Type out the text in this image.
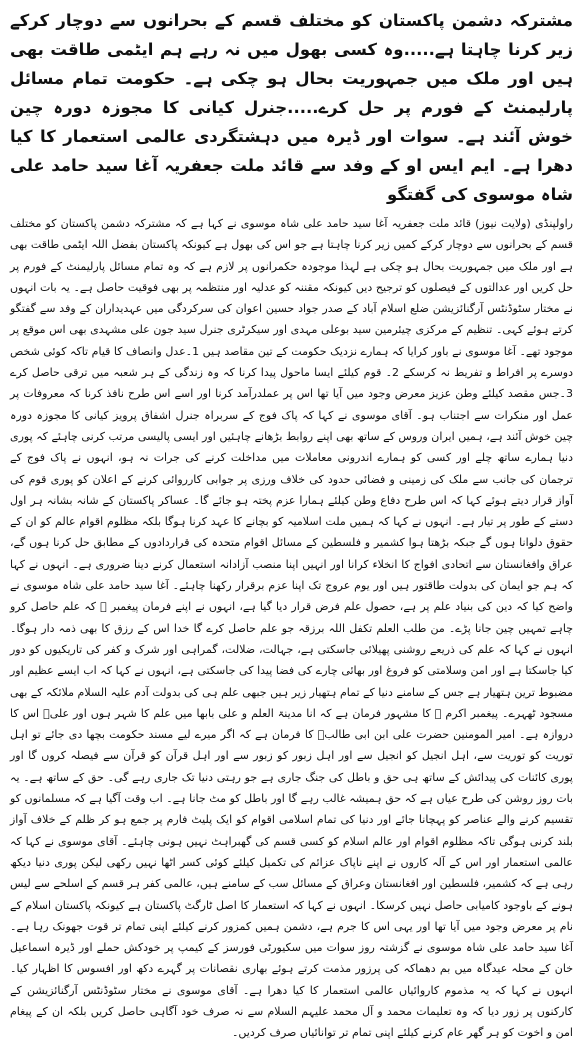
مشترکہ دشمن پاکستان کو مختلف قسم کے بحرانوں سے دوچار کرکے زیر کرنا چاہتا ہے.....وہ کسی بھول میں نہ رہے ہم ایٹمی طاقت بھی ہیں اور ملک میں جمہوریت بحال ہو چکی ہے۔ حکومت تمام مسائل پارلیمنٹ کے فورم پر حل کرے.....جنرل کیانی کا مجوزہ دورہ چین خوش آئند ہے۔ سوات اور ڈیرہ میں دہشتگردی عالمی استعمار کا کیا دھرا ہے۔ ایم ایس او کے وفد سے قائد ملت جعفریہ آغا سید حامد علی شاہ موسوی کی گفتگو

راولپنڈی (ولایت نیوز) قائد ملت جعفریہ آغا سید حامد علی شاہ موسوی نے کہا ہے کہ مشترکہ دشمن پاکستان کو مختلف قسم کے بحرانوں سے دوچار کرکے کمیں زیر کرنا چاہتا ہے جو اس کی بھول ہے کیونکہ پاکستان بفضل اللہ ایٹمی طاقت بھی ہے اور ملک میں جمہوریت بحال ہو چکی ہے لہذا موجودہ حکمرانوں پر لازم ہے کہ وہ تمام مسائل پارلیمنٹ کے فورم پر حل کریں اور عدالتوں کے فیصلوں کو ترجیح دیں کیونکہ مقننہ کو عدلیہ اور منتظمہ پر بھی فوقیت حاصل ہے۔ یہ بات انہوں نے مختار سٹوڈنٹس آرگنائزیشن ضلع اسلام آباد کے صدر جواد حسین اعوان کی سرکردگی میں عہدیداران کے وفد سے گفتگو کرتے ہوئے کہی۔ تنظیم کے مرکزی چیئرمین سید بوعلی مہدی اور سیکرٹری جنرل سید جون علی مشہدی بھی اس موقع پر موجود تھے۔ آغا موسوی نے باور کرایا کہ ہمارے نزدیک حکومت کے تین مقاصد ہیں 1۔عدل وانصاف کا قیام تاکہ کوئی شخص دوسرے پر افراط و تفریط نہ کرسکے 2۔ قوم کیلئے ایسا ماحول پیدا کرنا کہ وہ زندگی کے ہر شعبہ میں ترقی حاصل کرے 3۔جس مقصد کیلئے وطن عزیز معرض وجود میں آیا تھا اس پر عملدرآمد کرنا اور اسے اس طرح نافذ کرنا کہ معروفات پر عمل اور منکرات سے اجتناب ہو۔ آقای موسوی نے کہا کہ پاک فوج کے سربراہ جنرل اشفاق پرویز کیانی کا مجوزہ دورہ چین خوش آئند ہے، ہمیں ایران وروس کے ساتھ بھی اپنے روابط بڑھانے چاہئیں اور ایسی پالیسی مرتب کرنی چاہئے کہ پوری دنیا ہمارے ساتھ چلے اور کسی کو ہمارے اندرونی معاملات میں مداخلت کرنے کی جرات نہ ہو، انہوں نے پاک فوج کے ترجمان کی جانب سے ملک کی زمینی و فضائی حدود کی خلاف ورزی پر جوابی کارروائی کرنے کے اعلان کو پوری قوم کی آواز قرار دیتے ہوئے کہا کہ اس طرح دفاع وطن کیلئے ہمارا عزم پختہ ہو جائے گا۔ عساکر پاکستان کے شانہ بشانہ ہر اول دستے کے طور پر تیار ہے۔ انہوں نے کہا کہ ہمیں ملت اسلامیہ کو بچانے کا عہد کرنا ہوگا بلکہ مظلوم اقوام عالم کو ان کے حقوق دلوانا ہوں گے جبکہ بڑھتا ہوا کشمیر و فلسطین کے مسائل اقوام متحدہ کی قراردادوں کے مطابق حل کرنا ہوں گے، عراق وافغانستان سے اتحادی افواج کا انخلاء کرانا اور انہیں اپنا منصب آزادانہ استعمال کرنے دینا ضروری ہے۔ انہوں نے کہا کہ ہم جو ایمان کی بدولت طاقتور ہیں اور یوم عروج تک اپنا عزم برقرار رکھنا چاہئے۔ آغا سید حامد علی شاہ موسوی نے واضح کیا کہ دین کی بنیاد علم پر ہے، حصول علم فرض قرار دیا گیا ہے، انہوں نے اپنے فرمان پیغمبر ﷺ کہ علم حاصل کرو چاہے تمہیں چین جانا پڑے۔ من طلب العلم تکفل اللہ برزقہ جو علم حاصل کرے گا خدا اس کے رزق کا بھی ذمہ دار ہوگا۔ انہوں نے کہا کہ علم کی ذریعے روشنی پھیلائی جاسکتی ہے، جہالت، ضلالت، گمراہی اور شرک و کفر کی تاریکیوں کو دور کیا جاسکتا ہے اور امن وسلامتی کو فروغ اور بھائی چارے کی فضا پیدا کی جاسکتی ہے، انہوں نے کہا کہ اب ایسے عظیم اور مضبوط ترین ہتھیار ہے جس کے سامنے دنیا کے تمام ہتھیار زیر ہیں جبھی علم ہی کی بدولت آدم علیہ السلام ملائکہ کے بھی مسجود ٹھہرے۔ پیغمبر اکرم ﷺ کا مشہور فرمان ہے کہ انا مدینۃ العلم و علی بابھا میں علم کا شہر ہوں اور علیؑ اس کا دروازہ ہے۔ امیر المومنین حضرت علی ابن ابی طالبؑ کا فرمان ہے کہ اگر میرے لیے مسند حکومت بچھا دی جائے تو اہل توریت کو توریت سے، اہل انجیل کو انجیل سے اور اہل زبور کو زبور سے اور اہل قرآن کو قرآن سے فیصلہ کروں گا اور پوری کائنات کی پیدائش کے ساتھ ہی حق و باطل کی جنگ جاری ہے جو رہتی دنیا تک جاری رہے گی۔ حق کے ساتھ ہے۔ یہ بات روز روشن کی طرح عیاں ہے کہ حق ہمیشہ غالب رہے گا اور باطل کو مٹ جانا ہے۔ اب وقت آگیا ہے کہ مسلمانوں کو تقسیم کرنے والے عناصر کو پہچانا جائے اور دنیا کی تمام اسلامی اقوام کو ایک پلیٹ فارم پر جمع ہو کر ظلم کے خلاف آواز بلند کرنی ہوگی تاکہ مظلوم اقوام اور عالم اسلام کو کسی قسم کی گھبراہٹ نہیں ہونی چاہئے۔ آقای موسوی نے کہا کہ عالمی استعمار اور اس کے آلہ کاروں نے اپنے ناپاک عزائم کی تکمیل کیلئے کوئی کسر اٹھا نہیں رکھی لیکن پوری دنیا دیکھ رہی ہے کہ کشمیر، فلسطین اور افغانستان وعراق کے مسائل سب کے سامنے ہیں، عالمی کفر ہر قسم کے اسلحے سے لیس ہونے کے باوجود کامیابی حاصل نہیں کرسکا۔ انہوں نے کہا کہ استعمار کا اصل ٹارگٹ پاکستان ہے کیونکہ پاکستان اسلام کے نام پر معرض وجود میں آیا تھا اور یہی اس کا جرم ہے، دشمن ہمیں کمزور کرنے کیلئے اپنی تمام تر قوت جھونک رہا ہے۔ آغا سید حامد علی شاہ موسوی نے گزشتہ روز سوات میں سکیورٹی فورسز کے کیمپ پر خودکش حملے اور ڈیرہ اسماعیل خان کے محلہ عیدگاہ میں بم دھماکہ کی پرزور مذمت کرتے ہوئے بھاری نقصانات پر گہرے دکھ اور افسوس کا اظہار کیا۔ انہوں نے کہا کہ یہ مذموم کاروائیاں عالمی استعمار کا کیا دھرا ہے۔ آقای موسوی نے مختار سٹوڈنٹس آرگنائزیشن کے کارکنوں پر زور دیا کہ وہ تعلیمات محمد و آل محمد علیہم السلام سے نہ صرف خود آگاہی حاصل کریں بلکہ ان کے پیغام امن و اخوت کو ہر گھر عام کرنے کیلئے اپنی تمام تر توانائیاں صرف کردیں۔
